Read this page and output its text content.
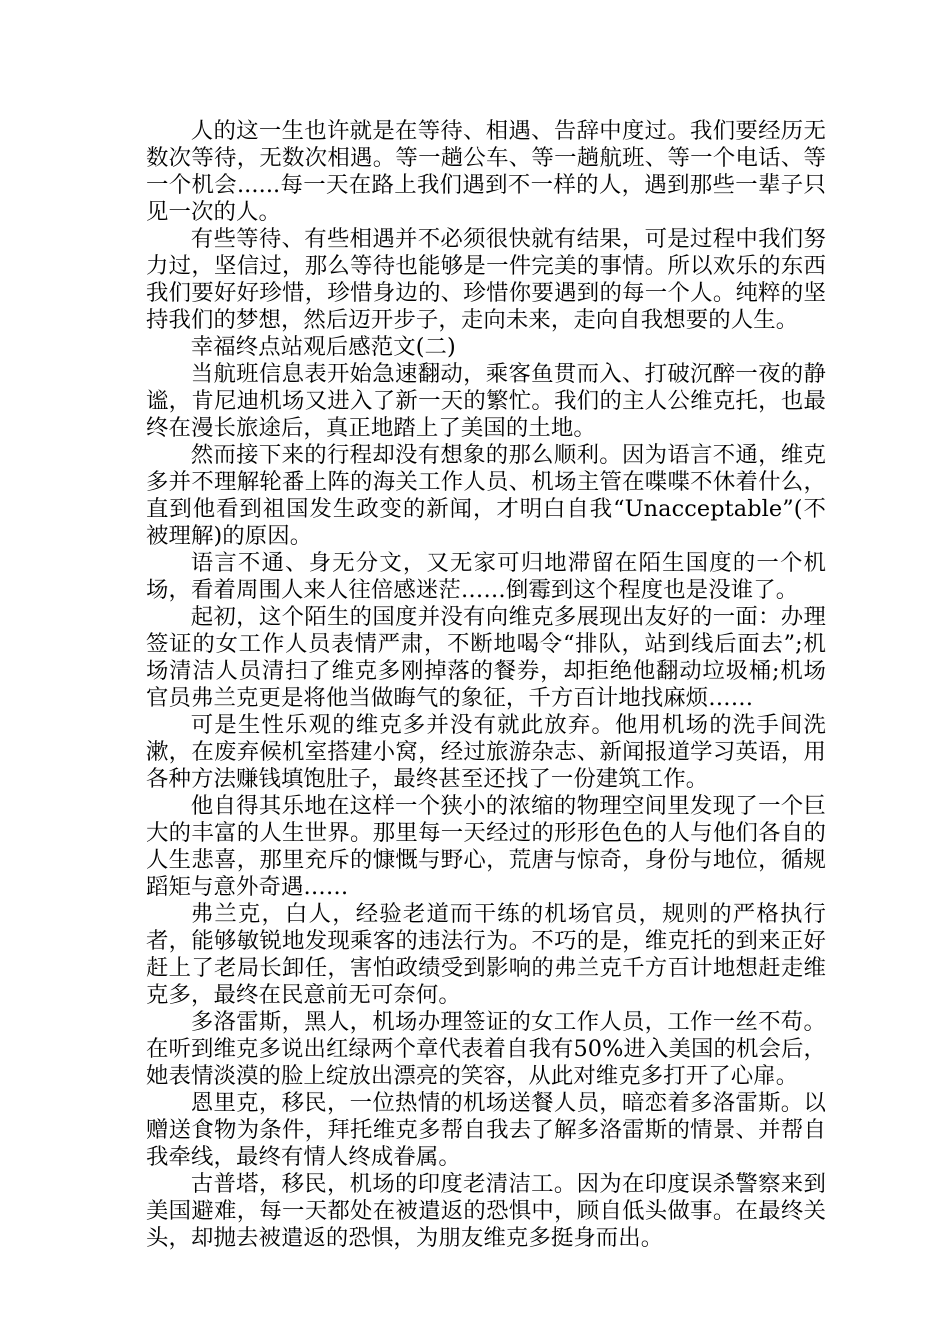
人的这一生也许就是在等待、相遇、告辞中度过。我们要经历无数次等待，无数次相遇。等一趟公车、等一趟航班、等一个电话、等一个机会......每一天在路上我们遇到不一样的人，遇到那些一辈子只见一次的人。

有些等待、有些相遇并不必须很快就有结果，可是过程中我们努力过，坚信过，那么等待也能够是一件完美的事情。所以欢乐的东西我们要好好珍惜，珍惜身边的、珍惜你要遇到的每一个人。纯粹的坚持我们的梦想，然后迈开步子，走向未来，走向自我想要的人生。

幸福终点站观后感范文(二)

当航班信息表开始急速翻动，乘客鱼贯而入、打破沉醉一夜的静谧，肯尼迪机场又进入了新一天的繁忙。我们的主人公维克托，也最终在漫长旅途后，真正地踏上了美国的土地。

然而接下来的行程却没有想象的那么顺利。因为语言不通，维克多并不理解轮番上阵的海关工作人员、机场主管在喋喋不休着什么，直到他看到祖国发生政变的新闻，才明白自我“Unacceptable”(不被理解)的原因。

语言不通、身无分文，又无家可归地滞留在陌生国度的一个机场，看着周围人来人往倍感迷茫……倒霉到这个程度也是没谁了。

起初，这个陌生的国度并没有向维克多展现出友好的一面：办理签证的女工作人员表情严肃，不断地喝令“排队，站到线后面去”;机场清洁人员清扫了维克多刚掉落的餐券，却拒绝他翻动垃圾桶;机场官员弗兰克更是将他当做晦气的象征，千方百计地找麻烦……

可是生性乐观的维克多并没有就此放弃。他用机场的洗手间洗漱，在废弃候机室搭建小窝，经过旅游杂志、新闻报道学习英语，用各种方法赚钱填饱肚子，最终甚至还找了一份建筑工作。

他自得其乐地在这样一个狭小的浓缩的物理空间里发现了一个巨大的丰富的人生世界。那里每一天经过的形形色色的人与他们各自的人生悲喜，那里充斥的慷慨与野心，荒唐与惊奇，身份与地位，循规蹈矩与意外奇遇……

弗兰克，白人，经验老道而干练的机场官员，规则的严格执行者，能够敏锐地发现乘客的违法行为。不巧的是，维克托的到来正好赶上了老局长卸任，害怕政绩受到影响的弗兰克千方百计地想赶走维克多，最终在民意前无可奈何。

多洛雷斯，黑人，机场办理签证的女工作人员，工作一丝不苟。在听到维克多说出红绿两个章代表着自我有50%进入美国的机会后，她表情淡漠的脸上绽放出漂亮的笑容，从此对维克多打开了心扉。

恩里克，移民，一位热情的机场送餐人员，暗恋着多洛雷斯。以赠送食物为条件，拜托维克多帮自我去了解多洛雷斯的情景、并帮自我牵线，最终有情人终成眷属。

古普塔，移民，机场的印度老清洁工。因为在印度误杀警察来到美国避难，每一天都处在被遣返的恐惧中，顾自低头做事。在最终关头，却抛去被遣返的恐惧，为朋友维克多挺身而出。
